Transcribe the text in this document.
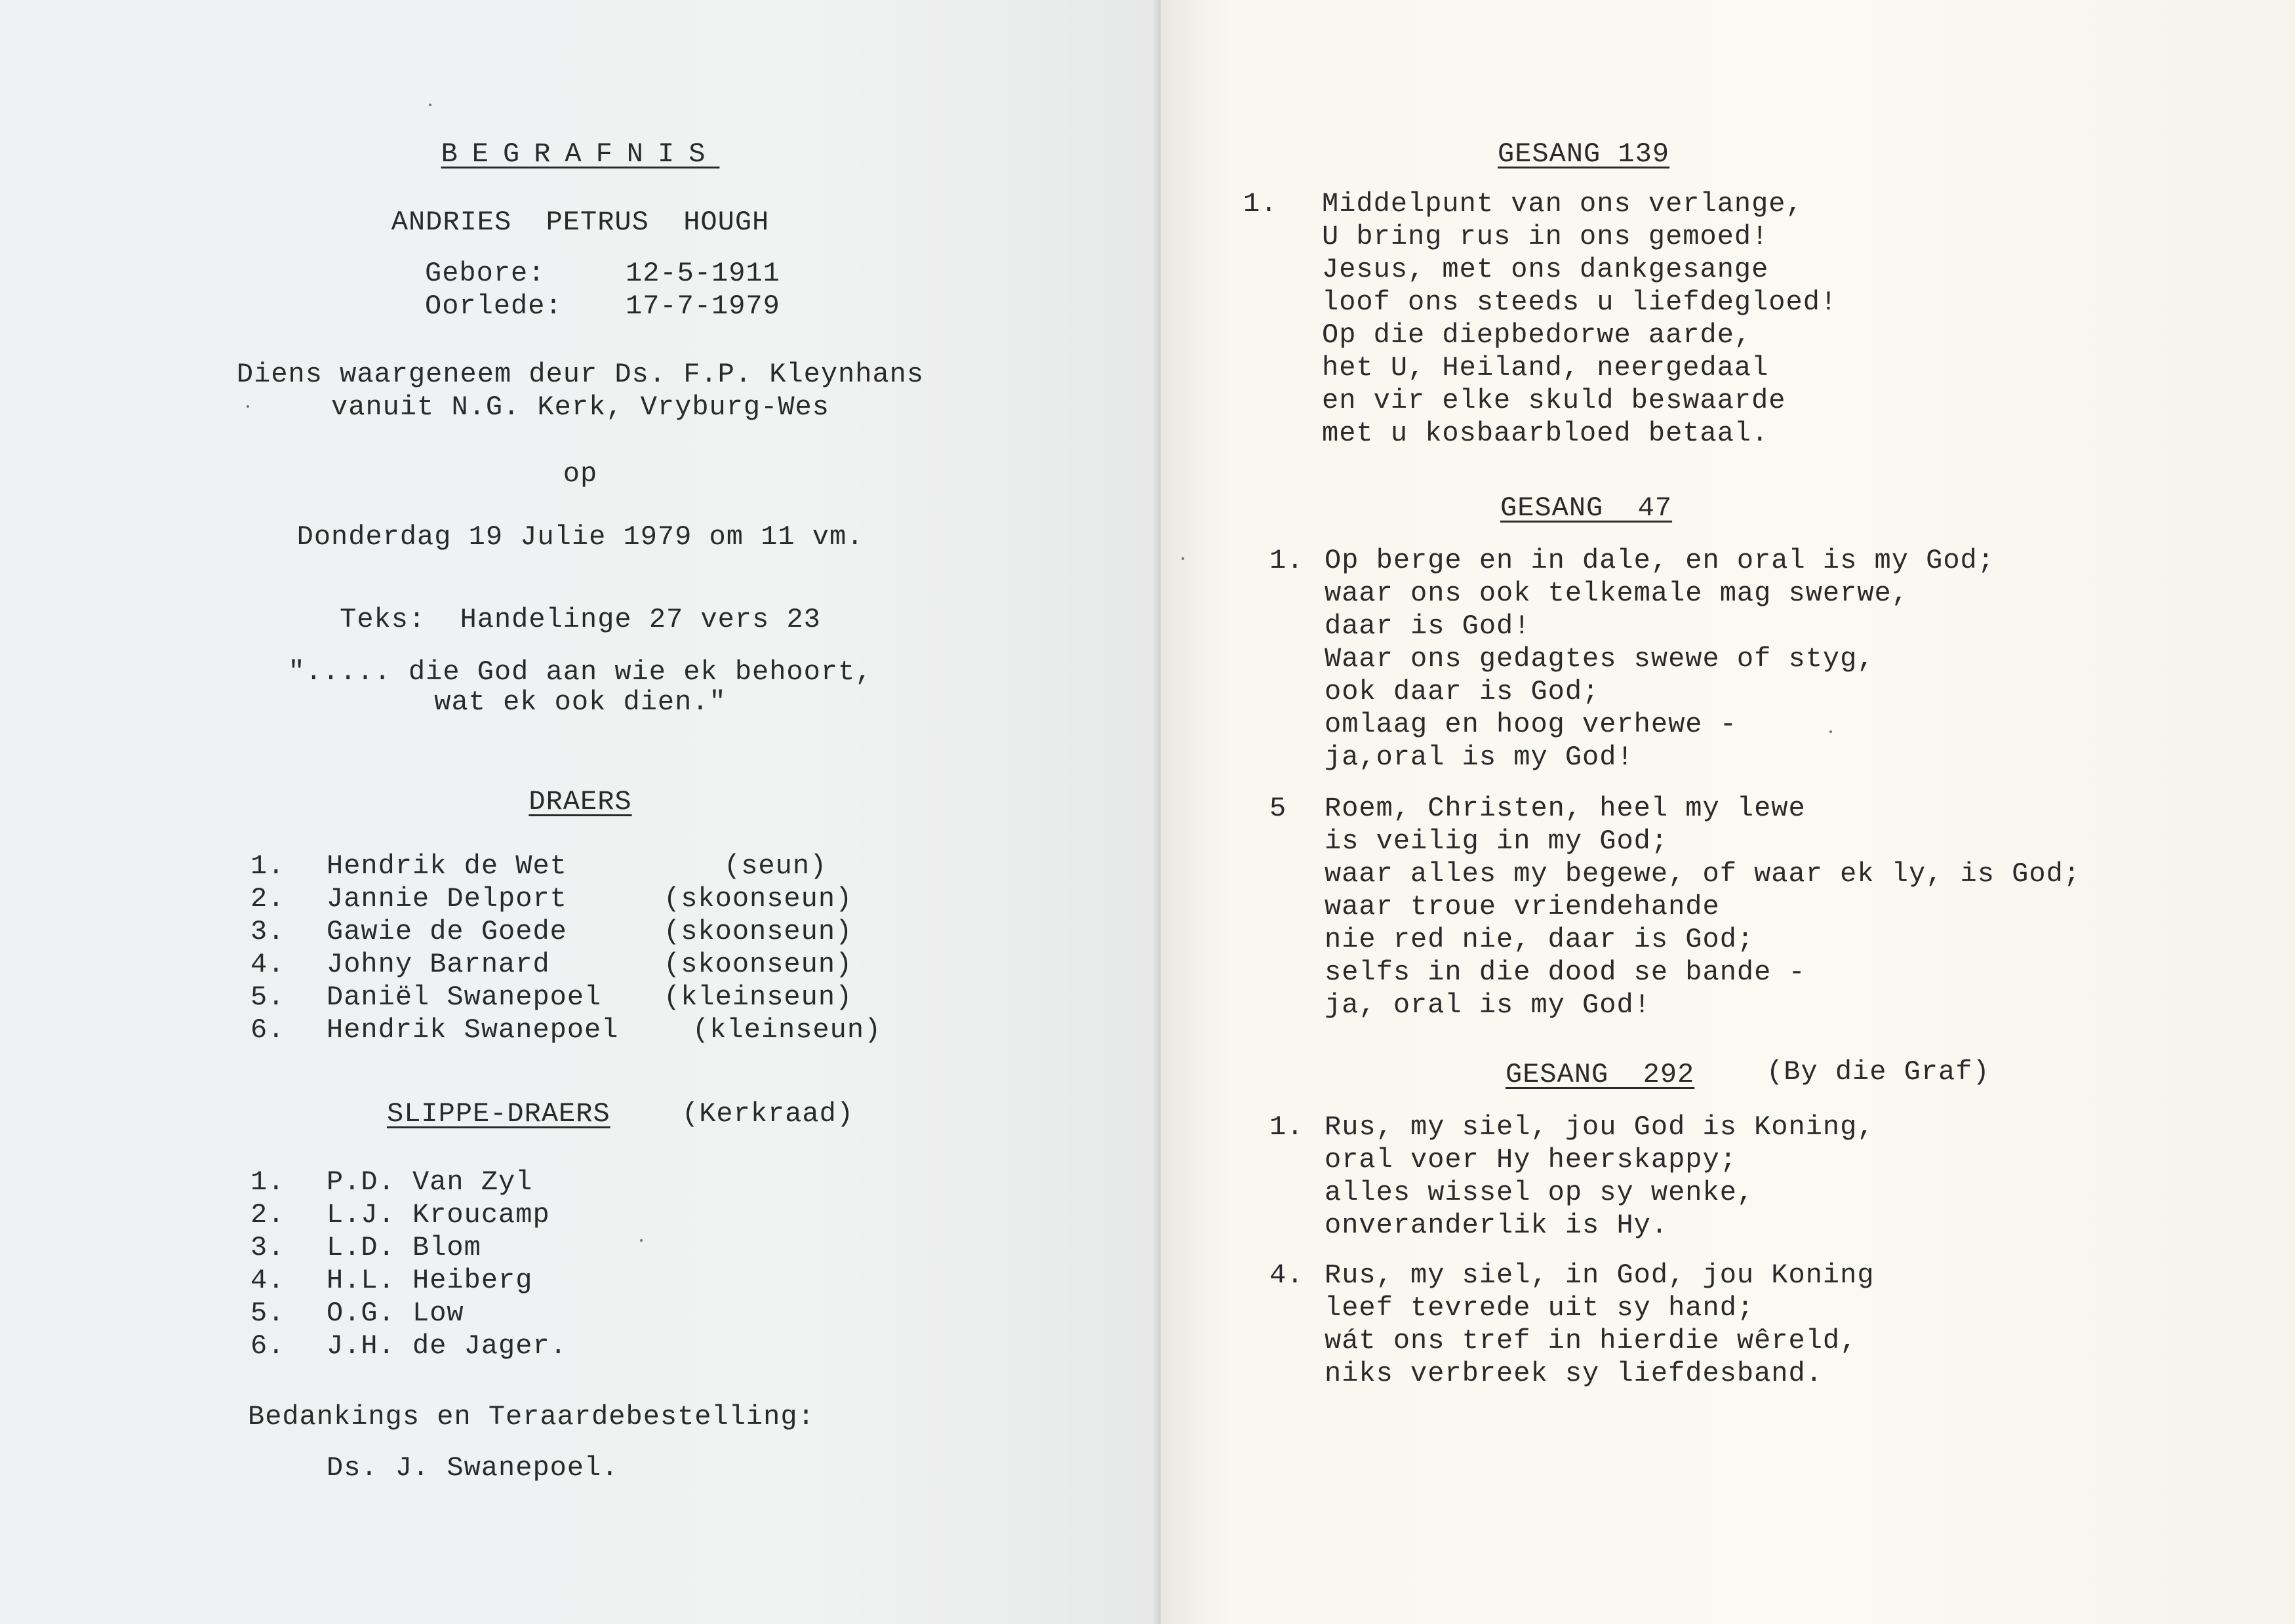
BEGRAFNIS
ANDRIES  PETRUS  HOUGH
Gebore:	12-5-1911
Oorlede: 17-7-1979
Diens waargeneem deur Ds. F.P. Kleynhans
vanuit N.G. Kerk, Vryburg-Wes
op
Donderdag 19 Julie 1979 om 11 vm.
Teks:  Handelinge 27 vers 23
"..... die God aan wie ek behoort,
wat ek ook dien."
DRAERS
1. Hendrik de Wet	(seun)
2. Jannie Delport	(skoonseun)
3. Gawie de Goede	(skoonseun)
4. Johny Barnard	(skoonseun)
5. Daniël Swanepoel (kleinseun)
6. Hendrik Swanepoel	(kleinseun)
SLIPPE-DRAERS	(Kerkraad)
1. P.D. Van Zyl
2. L.J. Kroucamp
3. L.D. Blom
4. H.L. Heiberg
5. O.G. Low
6. J.H. de Jager.
Bedankings en Teraardebestelling:
Ds. J. Swanepoel.
GESANG 139
1. Middelpunt van ons verlange,
U bring rus in ons gemoed!
Jesus, met ons dankgesange
loof ons steeds u liefdegloed!
Op die diepbedorwe aarde,
het U, Heiland, neergedaal
en vir elke skuld beswaarde
met u kosbaarbloed betaal.
GESANG  47
1. Op berge en in dale, en oral is my God;
waar ons ook telkemale mag swerwe,
daar is God!
Waar ons gedagtes swewe of styg,
ook daar is God;
omlaag en hoog verhewe -
ja,oral is my God!
5 Roem, Christen, heel my lewe
is veilig in my God;
waar alles my begewe, of waar ek ly, is God;
waar troue vriendehande
nie red nie, daar is God;
selfs in die dood se bande -
ja, oral is my God!
GESANG  292	(By die Graf)
1. Rus, my siel, jou God is Koning,
oral voer Hy heerskappy;
alles wissel op sy wenke,
onveranderlik is Hy.
4. Rus, my siel, in God, jou Koning
leef tevrede uit sy hand;
wát ons tref in hierdie wêreld,
niks verbreek sy liefdesband.
